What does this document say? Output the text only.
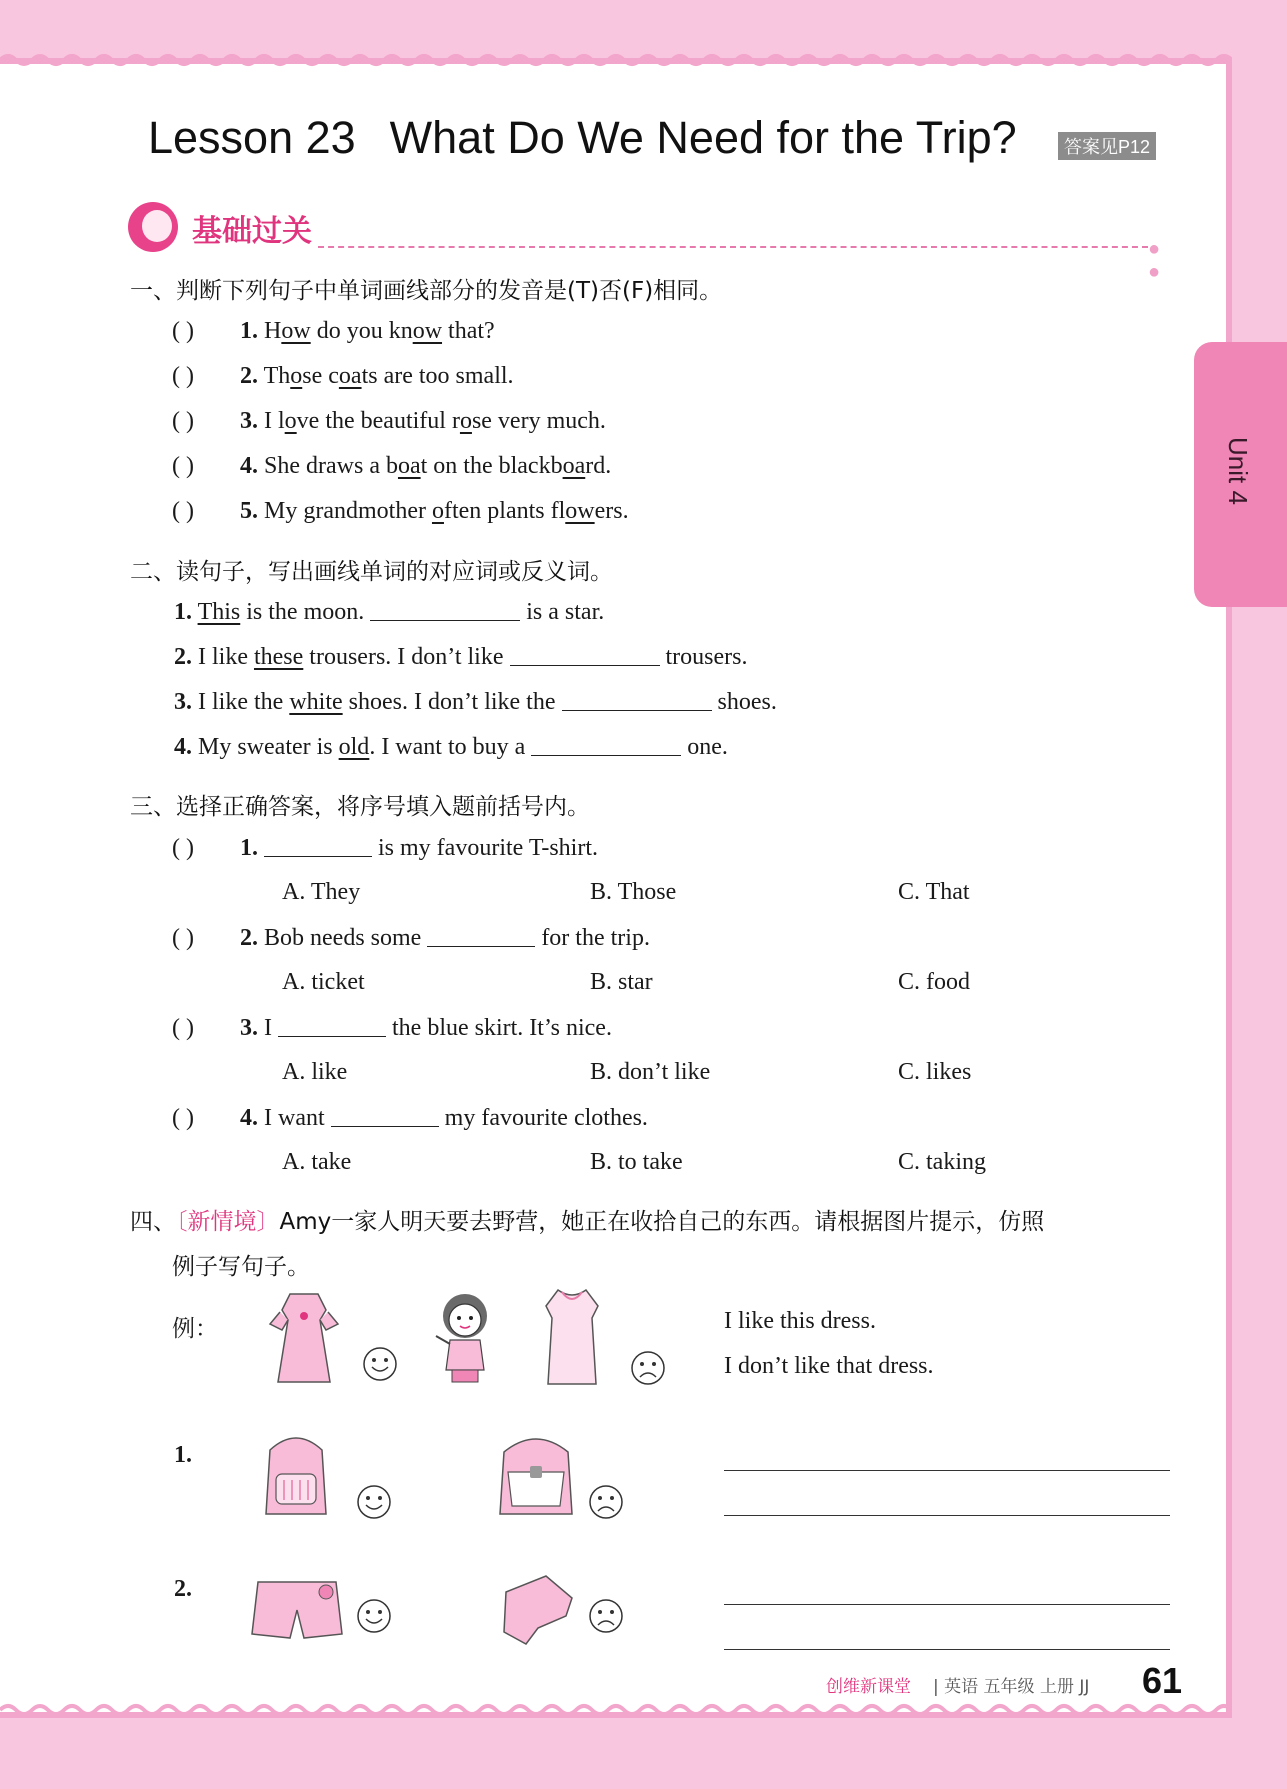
Unit 4
Lesson 23 What Do We Need for the Trip?	答案见P12
基础过关	● ●
一、判断下列句子中单词画线部分的发音是(T)否(F)相同。
( ) 1. How do you know that?
( ) 2. Those coats are too small.
( ) 3. I love the beautiful rose very much.
( ) 4. She draws a boat on the blackboard.
( ) 5. My grandmother often plants flowers.
二、读句子，写出画线单词的对应词或反义词。
1. This is the moon.	is a star.
2. I like these trousers. I don’t like	trousers.
3. I like the white shoes. I don’t like the	shoes.
4. My sweater is old. I want to buy a	one.
三、选择正确答案，将序号填入题前括号内。
( ) 1.	is my favourite T-shirt.
A. They	B. Those	C. That
( ) 2. Bob needs some	for the trip.
A. ticket	B. star	C. food
( ) 3. I	the blue skirt. It’s nice.
A. like	B. don’t like	C. likes
( ) 4. I want	my favourite clothes.
A. take	B. to take	C. taking
四、〔新情境〕Amy一家人明天要去野营，她正在收拾自己的东西。请根据图片提示，仿照
例子写句子。
例：	I like this dress.
I don’t like that dress.
1.
2.
创维新课堂 | 英语 五年级 上册 JJ 61
